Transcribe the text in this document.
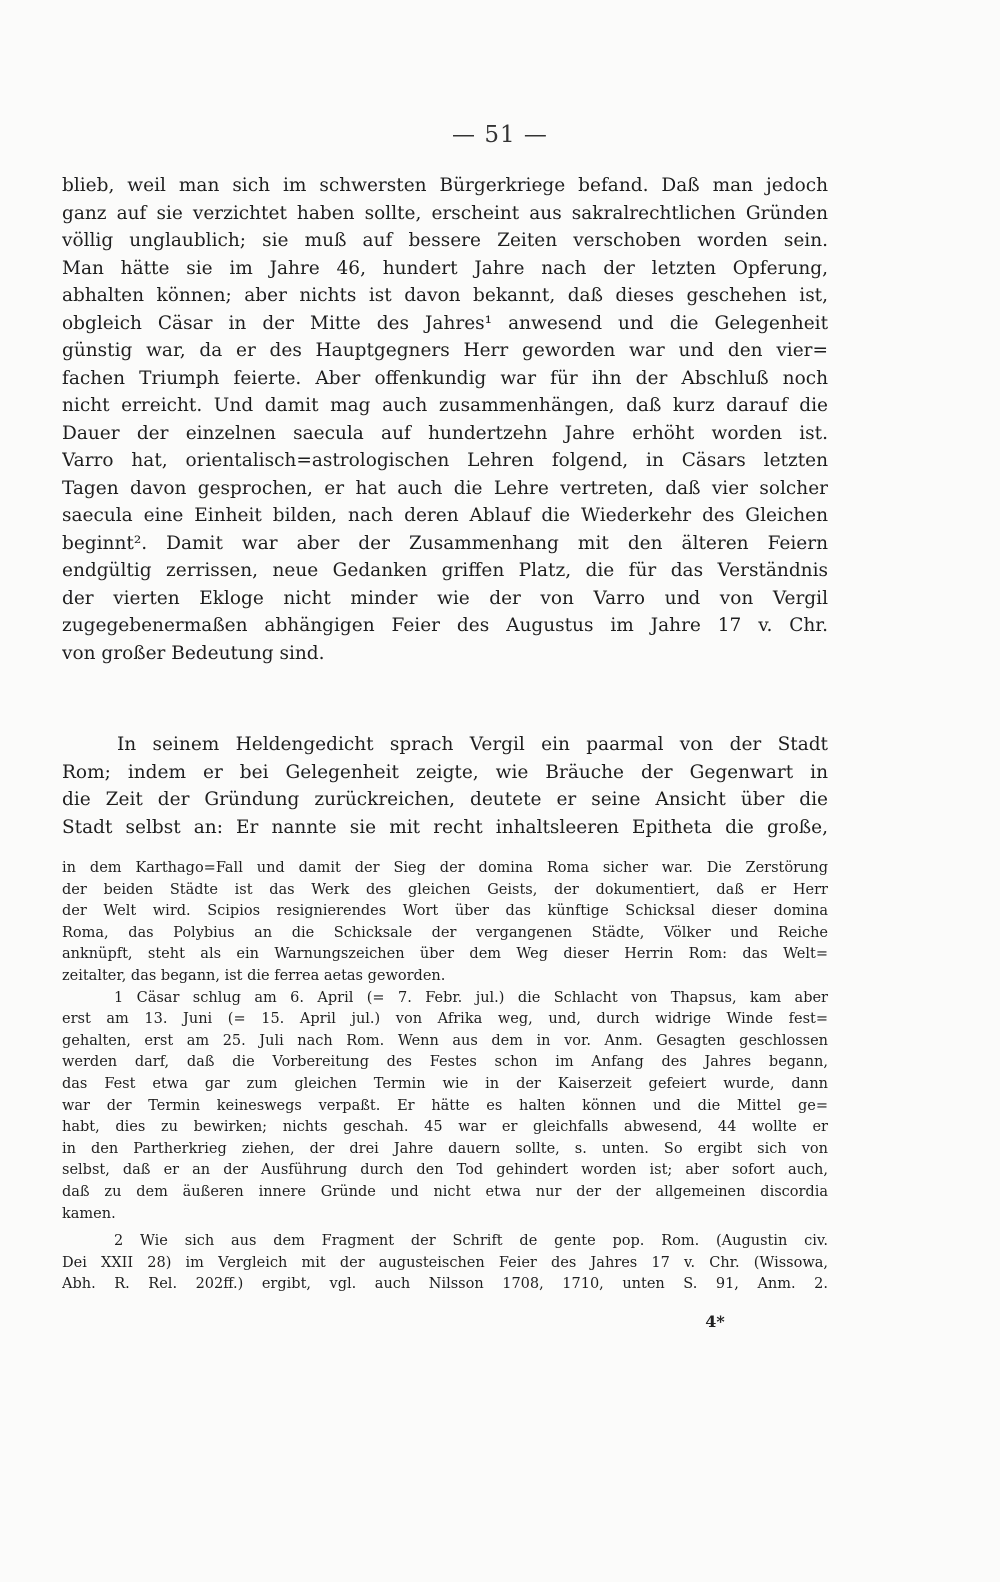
— 51 —
blieb, weil man sich im schwersten Bürgerkriege befand. Daß man jedoch
ganz auf sie verzichtet haben sollte, erscheint aus sakralrechtlichen Gründen
völlig unglaublich; sie muß auf bessere Zeiten verschoben worden sein.
Man hätte sie im Jahre 46, hundert Jahre nach der letzten Opferung,
abhalten können; aber nichts ist davon bekannt, daß dieses geschehen ist,
obgleich Cäsar in der Mitte des Jahres¹ anwesend und die Gelegenheit
günstig war, da er des Hauptgegners Herr geworden war und den vier=
fachen Triumph feierte. Aber offenkundig war für ihn der Abschluß noch
nicht erreicht. Und damit mag auch zusammenhängen, daß kurz darauf die
Dauer der einzelnen saecula auf hundertzehn Jahre erhöht worden ist.
Varro hat, orientalisch=astrologischen Lehren folgend, in Cäsars letzten
Tagen davon gesprochen, er hat auch die Lehre vertreten, daß vier solcher
saecula eine Einheit bilden, nach deren Ablauf die Wiederkehr des Gleichen
beginnt². Damit war aber der Zusammenhang mit den älteren Feiern
endgültig zerrissen, neue Gedanken griffen Platz, die für das Verständnis
der vierten Ekloge nicht minder wie der von Varro und von Vergil
zugegebenermaßen abhängigen Feier des Augustus im Jahre 17 v. Chr.
von großer Bedeutung sind.
In seinem Heldengedicht sprach Vergil ein paarmal von der Stadt
Rom; indem er bei Gelegenheit zeigte, wie Bräuche der Gegenwart in
die Zeit der Gründung zurückreichen, deutete er seine Ansicht über die
Stadt selbst an: Er nannte sie mit recht inhaltsleeren Epitheta die große,
in dem Karthago=Fall und damit der Sieg der domina Roma sicher war. Die Zerstörung
der beiden Städte ist das Werk des gleichen Geists, der dokumentiert, daß er Herr
der Welt wird. Scipios resignierendes Wort über das künftige Schicksal dieser domina
Roma, das Polybius an die Schicksale der vergangenen Städte, Völker und Reiche
anknüpft, steht als ein Warnungszeichen über dem Weg dieser Herrin Rom: das Welt=
zeitalter, das begann, ist die ferrea aetas geworden.
1 Cäsar schlug am 6. April (= 7. Febr. jul.) die Schlacht von Thapsus, kam aber
erst am 13. Juni (= 15. April jul.) von Afrika weg, und, durch widrige Winde fest=
gehalten, erst am 25. Juli nach Rom. Wenn aus dem in vor. Anm. Gesagten geschlossen
werden darf, daß die Vorbereitung des Festes schon im Anfang des Jahres begann,
das Fest etwa gar zum gleichen Termin wie in der Kaiserzeit gefeiert wurde, dann
war der Termin keineswegs verpaßt. Er hätte es halten können und die Mittel ge=
habt, dies zu bewirken; nichts geschah. 45 war er gleichfalls abwesend, 44 wollte er
in den Partherkrieg ziehen, der drei Jahre dauern sollte, s. unten. So ergibt sich von
selbst, daß er an der Ausführung durch den Tod gehindert worden ist; aber sofort auch,
daß zu dem äußeren innere Gründe und nicht etwa nur der der allgemeinen discordia
kamen.
2 Wie sich aus dem Fragment der Schrift de gente pop. Rom. (Augustin civ.
Dei XXII 28) im Vergleich mit der augusteischen Feier des Jahres 17 v. Chr. (Wissowa,
Abh. R. Rel. 202ff.) ergibt, vgl. auch Nilsson 1708, 1710, unten S. 91, Anm. 2.
4*
